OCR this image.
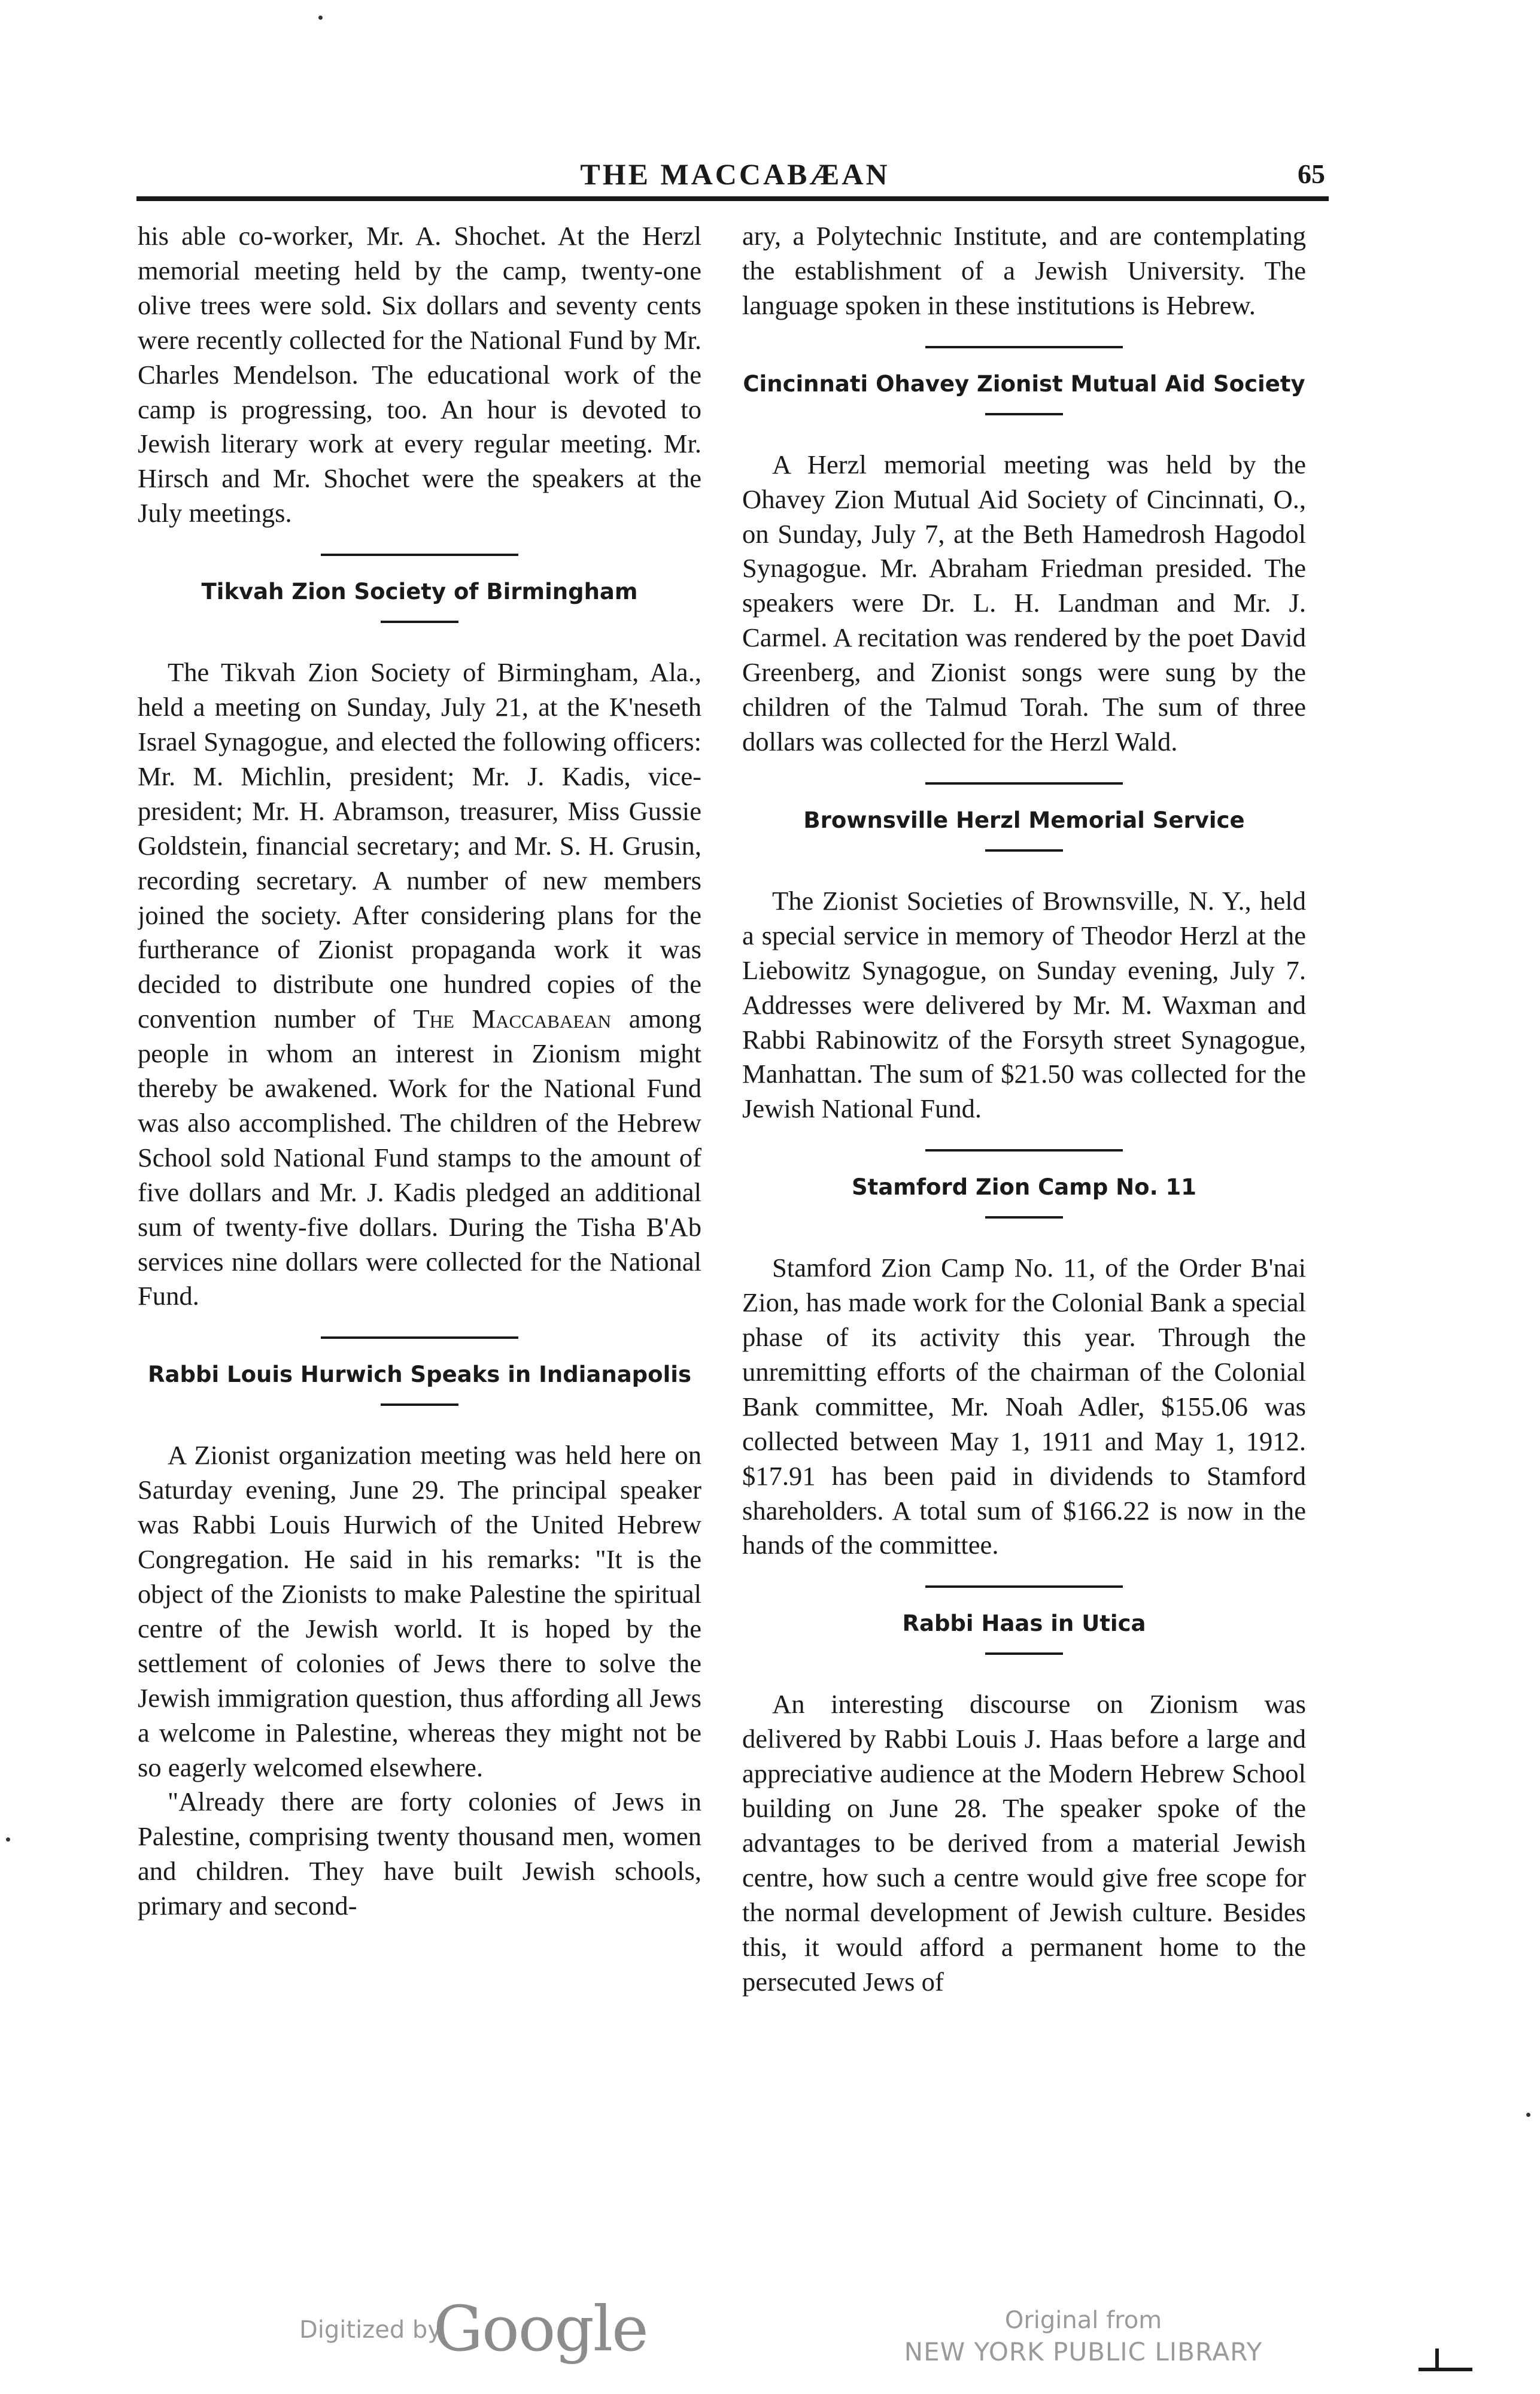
THE MACCABÆAN	65

his able co-worker, Mr. A. Shochet. At the Herzl memorial meeting held by the camp, twenty-one olive trees were sold. Six dollars and seventy cents were recently collected for the National Fund by Mr. Charles Mendelson. The educational work of the camp is progressing, too. An hour is devoted to Jewish literary work at every regular meeting. Mr. Hirsch and Mr. Shochet were the speakers at the July meetings.

Tikvah Zion Society of Birmingham

The Tikvah Zion Society of Birmingham, Ala., held a meeting on Sunday, July 21, at the K'neseth Israel Synagogue, and elected the following officers: Mr. M. Michlin, president; Mr. J. Kadis, vice-president; Mr. H. Abramson, treasurer, Miss Gussie Goldstein, financial secretary; and Mr. S. H. Grusin, recording secretary. A number of new members joined the society. After considering plans for the furtherance of Zionist propaganda work it was decided to distribute one hundred copies of the convention number of The Maccabaean among people in whom an interest in Zionism might thereby be awakened. Work for the National Fund was also accomplished. The children of the Hebrew School sold National Fund stamps to the amount of five dollars and Mr. J. Kadis pledged an additional sum of twenty-five dollars. During the Tisha B'Ab services nine dollars were collected for the National Fund.

Rabbi Louis Hurwich Speaks in Indianapolis

A Zionist organization meeting was held here on Saturday evening, June 29. The principal speaker was Rabbi Louis Hurwich of the United Hebrew Congregation. He said in his remarks: "It is the object of the Zionists to make Palestine the spiritual centre of the Jewish world. It is hoped by the settlement of colonies of Jews there to solve the Jewish immigration question, thus affording all Jews a welcome in Palestine, whereas they might not be so eagerly welcomed elsewhere.

"Already there are forty colonies of Jews in Palestine, comprising twenty thousand men, women and children. They have built Jewish schools, primary and second-

ary, a Polytechnic Institute, and are contemplating the establishment of a Jewish University. The language spoken in these institutions is Hebrew.

Cincinnati Ohavey Zionist Mutual Aid Society

A Herzl memorial meeting was held by the Ohavey Zion Mutual Aid Society of Cincinnati, O., on Sunday, July 7, at the Beth Hamedrosh Hagodol Synagogue. Mr. Abraham Friedman presided. The speakers were Dr. L. H. Landman and Mr. J. Carmel. A recitation was rendered by the poet David Greenberg, and Zionist songs were sung by the children of the Talmud Torah. The sum of three dollars was collected for the Herzl Wald.

Brownsville Herzl Memorial Service

The Zionist Societies of Brownsville, N. Y., held a special service in memory of Theodor Herzl at the Liebowitz Synagogue, on Sunday evening, July 7. Addresses were delivered by Mr. M. Waxman and Rabbi Rabinowitz of the Forsyth street Synagogue, Manhattan. The sum of $21.50 was collected for the Jewish National Fund.

Stamford Zion Camp No. 11

Stamford Zion Camp No. 11, of the Order B'nai Zion, has made work for the Colonial Bank a special phase of its activity this year. Through the unremitting efforts of the chairman of the Colonial Bank committee, Mr. Noah Adler, $155.06 was collected between May 1, 1911 and May 1, 1912. $17.91 has been paid in dividends to Stamford shareholders. A total sum of $166.22 is now in the hands of the committee.

Rabbi Haas in Utica

An interesting discourse on Zionism was delivered by Rabbi Louis J. Haas before a large and appreciative audience at the Modern Hebrew School building on June 28. The speaker spoke of the advantages to be derived from a material Jewish centre, how such a centre would give free scope for the normal development of Jewish culture. Besides this, it would afford a permanent home to the persecuted Jews of

Digitized by
Google	Original from
NEW YORK PUBLIC LIBRARY
